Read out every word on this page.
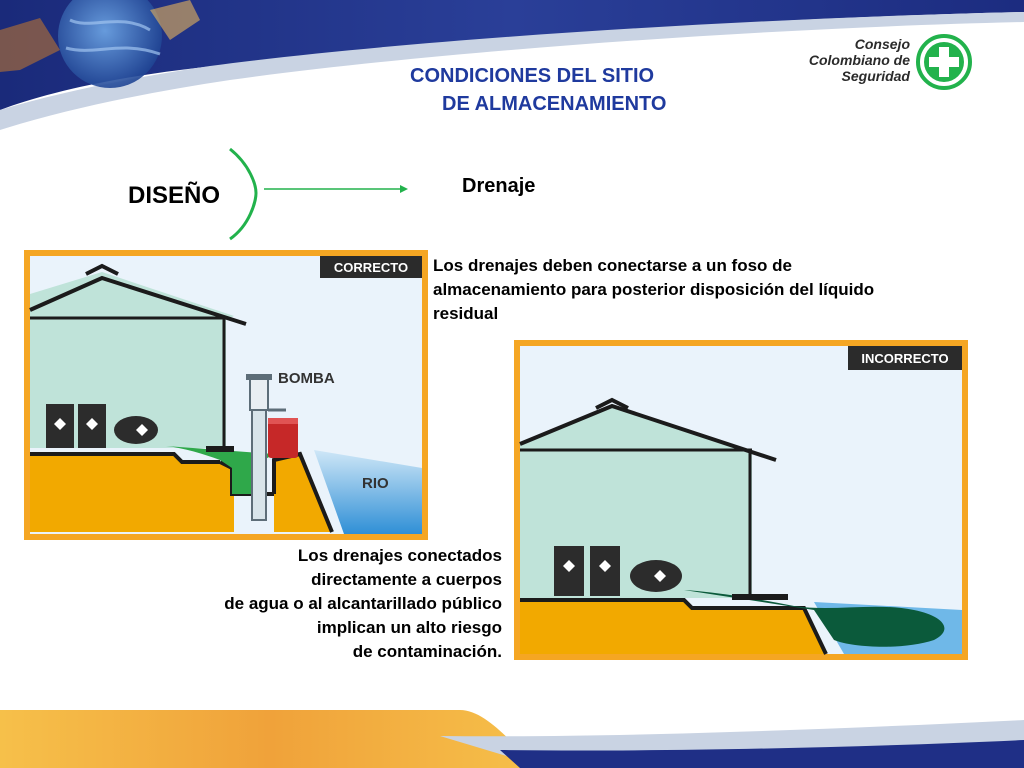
CONDICIONES DEL SITIO
DE ALMACENAMIENTO
Consejo
Colombiano de
Seguridad
DISEÑO	Drenaje
CORRECTO
BOMBA
RIO
Los drenajes deben conectarse a un foso de almacenamiento para posterior disposición del líquido residual
INCORRECTO
Los drenajes conectados
directamente a cuerpos
de agua o al alcantarillado público
implican un alto riesgo
de contaminación.
